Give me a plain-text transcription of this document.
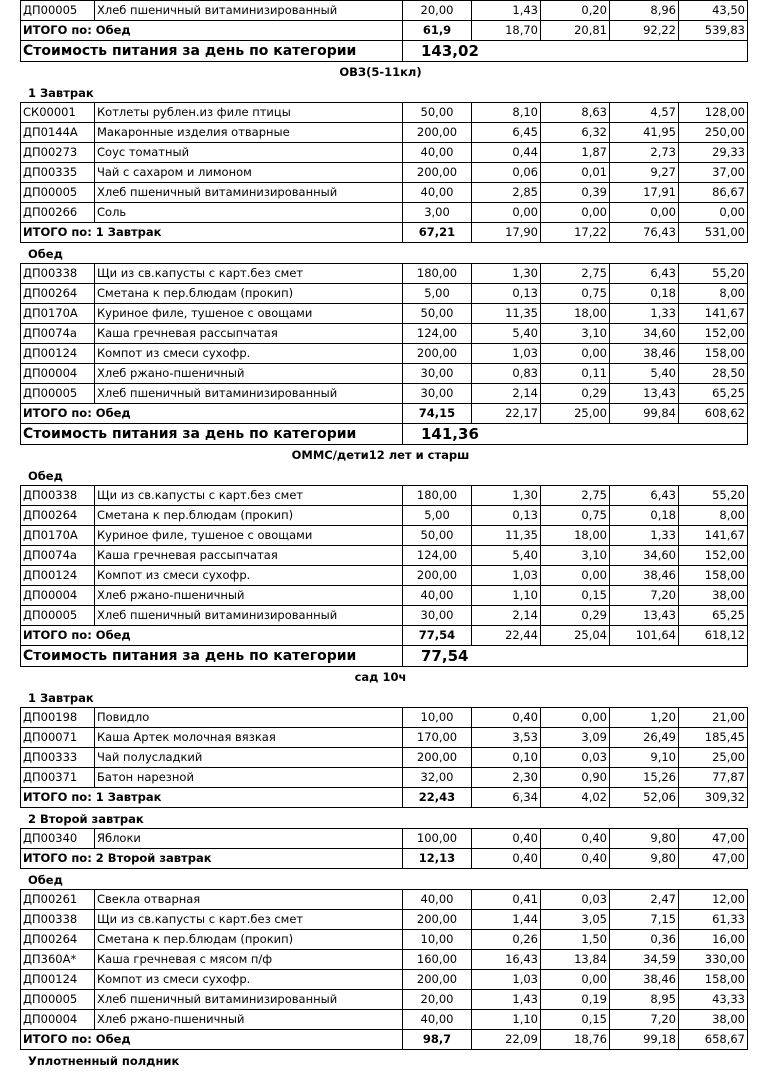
ДП00005	Хлеб пшеничный витаминизированный	20,00	1,43	0,20	8,96	43,50
ИТОГО по: Обед		61,9	18,70	20,81	92,22	539,83
Стоимость питания за день по категории		143,02				
ОВЗ(5-11кл)
1 Завтрак
СК00001	Котлеты рублен.из филе птицы	50,00	8,10	8,63	4,57	128,00
ДП0144А	Макаронные изделия отварные	200,00	6,45	6,32	41,95	250,00
ДП00273	Соус томатный	40,00	0,44	1,87	2,73	29,33
ДП00335	Чай с сахаром и лимоном	200,00	0,06	0,01	9,27	37,00
ДП00005	Хлеб пшеничный витаминизированный	40,00	2,85	0,39	17,91	86,67
ДП00266	Соль	3,00	0,00	0,00	0,00	0,00
ИТОГО по: 1 Завтрак		67,21	17,90	17,22	76,43	531,00
Обед
ДП00338	Щи из св.капусты с карт.без смет	180,00	1,30	2,75	6,43	55,20
ДП00264	Сметана к пер.блюдам (прокип)	5,00	0,13	0,75	0,18	8,00
ДП0170А	Куриное филе, тушеное с овощами	50,00	11,35	18,00	1,33	141,67
ДП0074а	Каша гречневая рассыпчатая	124,00	5,40	3,10	34,60	152,00
ДП00124	Компот из смеси сухофр.	200,00	1,03	0,00	38,46	158,00
ДП00004	Хлеб ржано-пшеничный	30,00	0,83	0,11	5,40	28,50
ДП00005	Хлеб пшеничный витаминизированный	30,00	2,14	0,29	13,43	65,25
ИТОГО по: Обед		74,15	22,17	25,00	99,84	608,62
Стоимость питания за день по категории		141,36				
ОММС/дети12 лет и старш
Обед
ДП00338	Щи из св.капусты с карт.без смет	180,00	1,30	2,75	6,43	55,20
ДП00264	Сметана к пер.блюдам (прокип)	5,00	0,13	0,75	0,18	8,00
ДП0170А	Куриное филе, тушеное с овощами	50,00	11,35	18,00	1,33	141,67
ДП0074а	Каша гречневая рассыпчатая	124,00	5,40	3,10	34,60	152,00
ДП00124	Компот из смеси сухофр.	200,00	1,03	0,00	38,46	158,00
ДП00004	Хлеб ржано-пшеничный	40,00	1,10	0,15	7,20	38,00
ДП00005	Хлеб пшеничный витаминизированный	30,00	2,14	0,29	13,43	65,25
ИТОГО по: Обед		77,54	22,44	25,04	101,64	618,12
Стоимость питания за день по категории		77,54				
сад 10ч
1 Завтрак
ДП00198	Повидло	10,00	0,40	0,00	1,20	21,00
ДП00071	Каша Артек молочная вязкая	170,00	3,53	3,09	26,49	185,45
ДП00333	Чай полусладкий	200,00	0,10	0,03	9,10	25,00
ДП00371	Батон нарезной	32,00	2,30	0,90	15,26	77,87
ИТОГО по: 1 Завтрак		22,43	6,34	4,02	52,06	309,32
2 Второй завтрак
ДП00340	Яблоки	100,00	0,40	0,40	9,80	47,00
ИТОГО по: 2 Второй завтрак		12,13	0,40	0,40	9,80	47,00
Обед
ДП00261	Свекла отварная	40,00	0,41	0,03	2,47	12,00
ДП00338	Щи из св.капусты с карт.без смет	200,00	1,44	3,05	7,15	61,33
ДП00264	Сметана к пер.блюдам (прокип)	10,00	0,26	1,50	0,36	16,00
ДП360А*	Каша гречневая с мясом п/ф	160,00	16,43	13,84	34,59	330,00
ДП00124	Компот из смеси сухофр.	200,00	1,03	0,00	38,46	158,00
ДП00005	Хлеб пшеничный витаминизированный	20,00	1,43	0,19	8,95	43,33
ДП00004	Хлеб ржано-пшеничный	40,00	1,10	0,15	7,20	38,00
ИТОГО по: Обед		98,7	22,09	18,76	99,18	658,67
Уплотненный полдник
